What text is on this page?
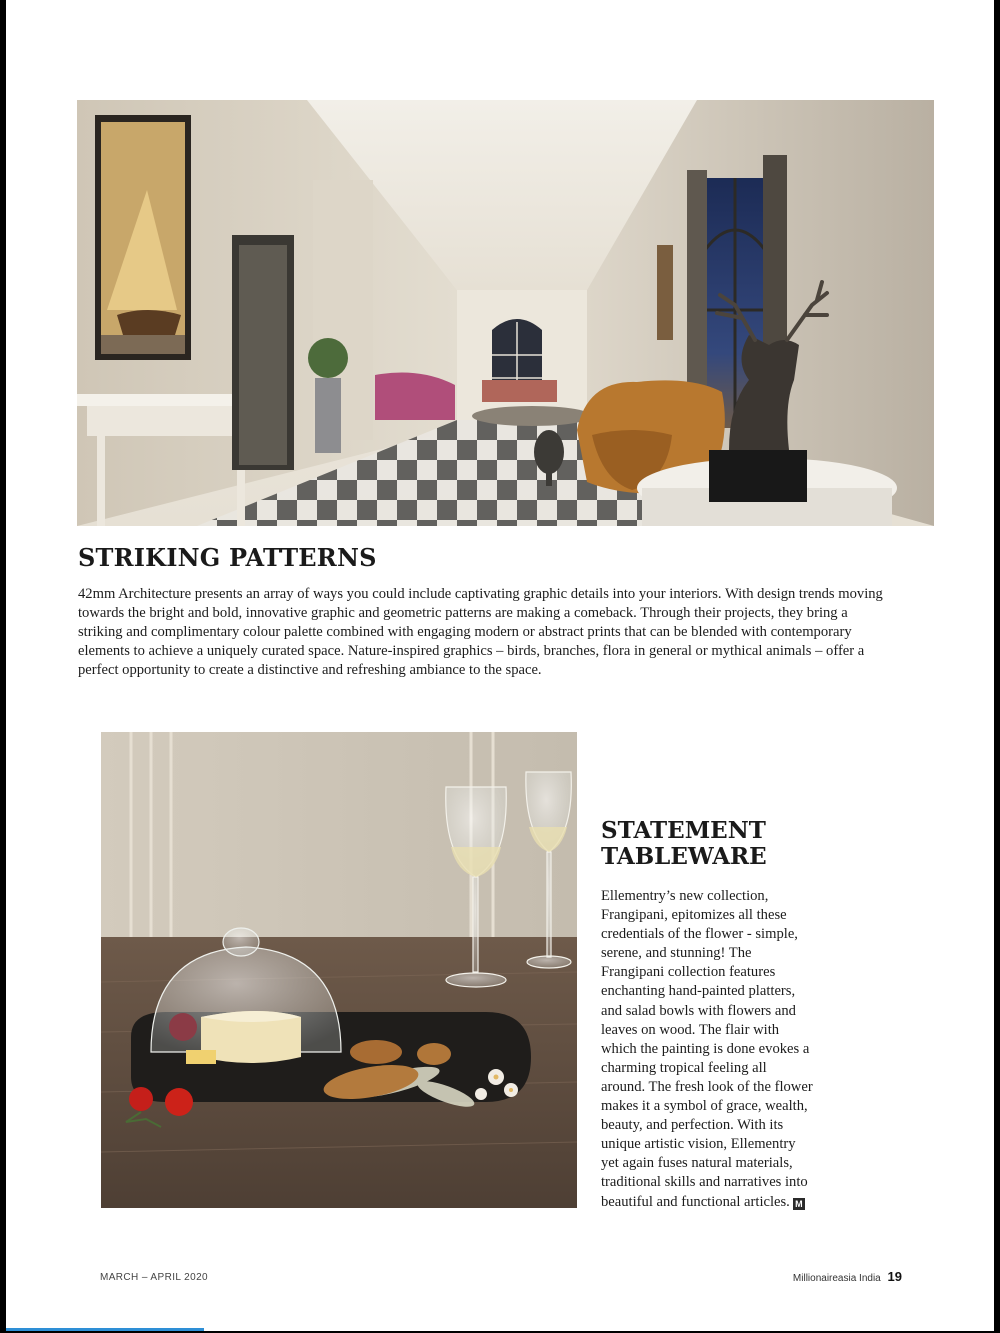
STRIKING PATTERNS

42mm Architecture presents an array of ways you could include captivating graphic details into your interiors. With design trends moving towards the bright and bold, innovative graphic and geometric patterns are making a comeback. Through their projects, they bring a striking and complimentary colour palette combined with engaging modern or abstract prints that can be blended with contemporary elements to achieve a uniquely curated space. Nature-inspired graphics – birds, branches, flora in general or mythical animals – offer a perfect opportunity to create a distinctive and refreshing ambiance to the space.

STATEMENT
TABLEWARE

Ellementry’s new collection,
Frangipani, epitomizes all these
credentials of the flower - simple,
serene, and stunning! The
Frangipani collection features
enchanting hand-painted platters,
and salad bowls with flowers and
leaves on wood. The flair with
which the painting is done evokes a
charming tropical feeling all
around. The fresh look of the flower
makes it a symbol of grace, wealth,
beauty, and perfection. With its
unique artistic vision, Ellementry
yet again fuses natural materials,
traditional skills and narratives into
beautiful and functional articles. M

MARCH – APRIL 2020	Millionaireasia India 19
